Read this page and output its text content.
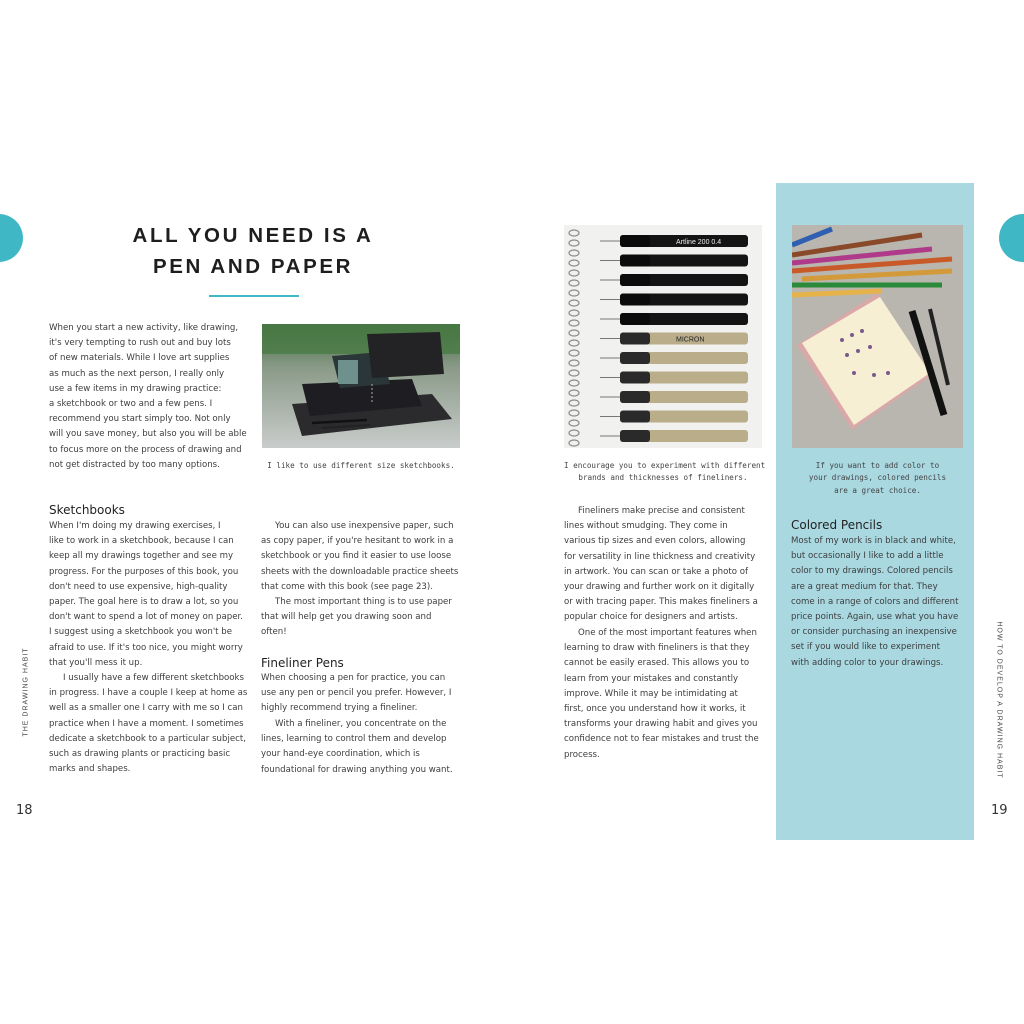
ALL YOU NEED IS A
PEN AND PAPER
When you start a new activity, like drawing,
it's very tempting to rush out and buy lots
of new materials. While I love art supplies
as much as the next person, I really only
use a few items in my drawing practice:
a sketchbook or two and a few pens. I
recommend you start simply too. Not only
will you save money, but also you will be able
to focus more on the process of drawing and
not get distracted by too many options.	I like to use different size sketchbooks.
Sketchbooks
When I'm doing my drawing exercises, I
like to work in a sketchbook, because I can
keep all my drawings together and see my
progress. For the purposes of this book, you
don't need to use expensive, high-quality
paper. The goal here is to draw a lot, so you
don't want to spend a lot of money on paper.
I suggest using a sketchbook you won't be
afraid to use. If it's too nice, you might worry
that you'll mess it up.
I usually have a few different sketchbooks
in progress. I have a couple I keep at home as
well as a smaller one I carry with me so I can
practice when I have a moment. I sometimes
dedicate a sketchbook to a particular subject,
such as drawing plants or practicing basic
marks and shapes.
You can also use inexpensive paper, such
as copy paper, if you're hesitant to work in a
sketchbook or you find it easier to use loose
sheets with the downloadable practice sheets
that come with this book (see page 23).
The most important thing is to use paper
that will help get you drawing soon and
often!
Fineliner Pens
When choosing a pen for practice, you can
use any pen or pencil you prefer. However, I
highly recommend trying a fineliner.
With a fineliner, you concentrate on the
lines, learning to control them and develop
your hand-eye coordination, which is
foundational for drawing anything you want.
THE DRAWING HABIT
18
Artline 200 0.4
MICRON
I encourage you to experiment with different
brands and thicknesses of fineliners.
Fineliners make precise and consistent
lines without smudging. They come in
various tip sizes and even colors, allowing
for versatility in line thickness and creativity
in artwork. You can scan or take a photo of
your drawing and further work on it digitally
or with tracing paper. This makes fineliners a
popular choice for designers and artists.
One of the most important features when
learning to draw with fineliners is that they
cannot be easily erased. This allows you to
learn from your mistakes and constantly
improve. While it may be intimidating at
first, once you understand how it works, it
transforms your drawing habit and gives you
confidence not to fear mistakes and trust the
process.
If you want to add color to
your drawings, colored pencils
are a great choice.
Colored Pencils
Most of my work is in black and white,
but occasionally I like to add a little
color to my drawings. Colored pencils
are a great medium for that. They
come in a range of colors and different
price points. Again, use what you have
or consider purchasing an inexpensive
set if you would like to experiment
with adding color to your drawings.	HOW TO DEVELOP A DRAWING HABIT
19
